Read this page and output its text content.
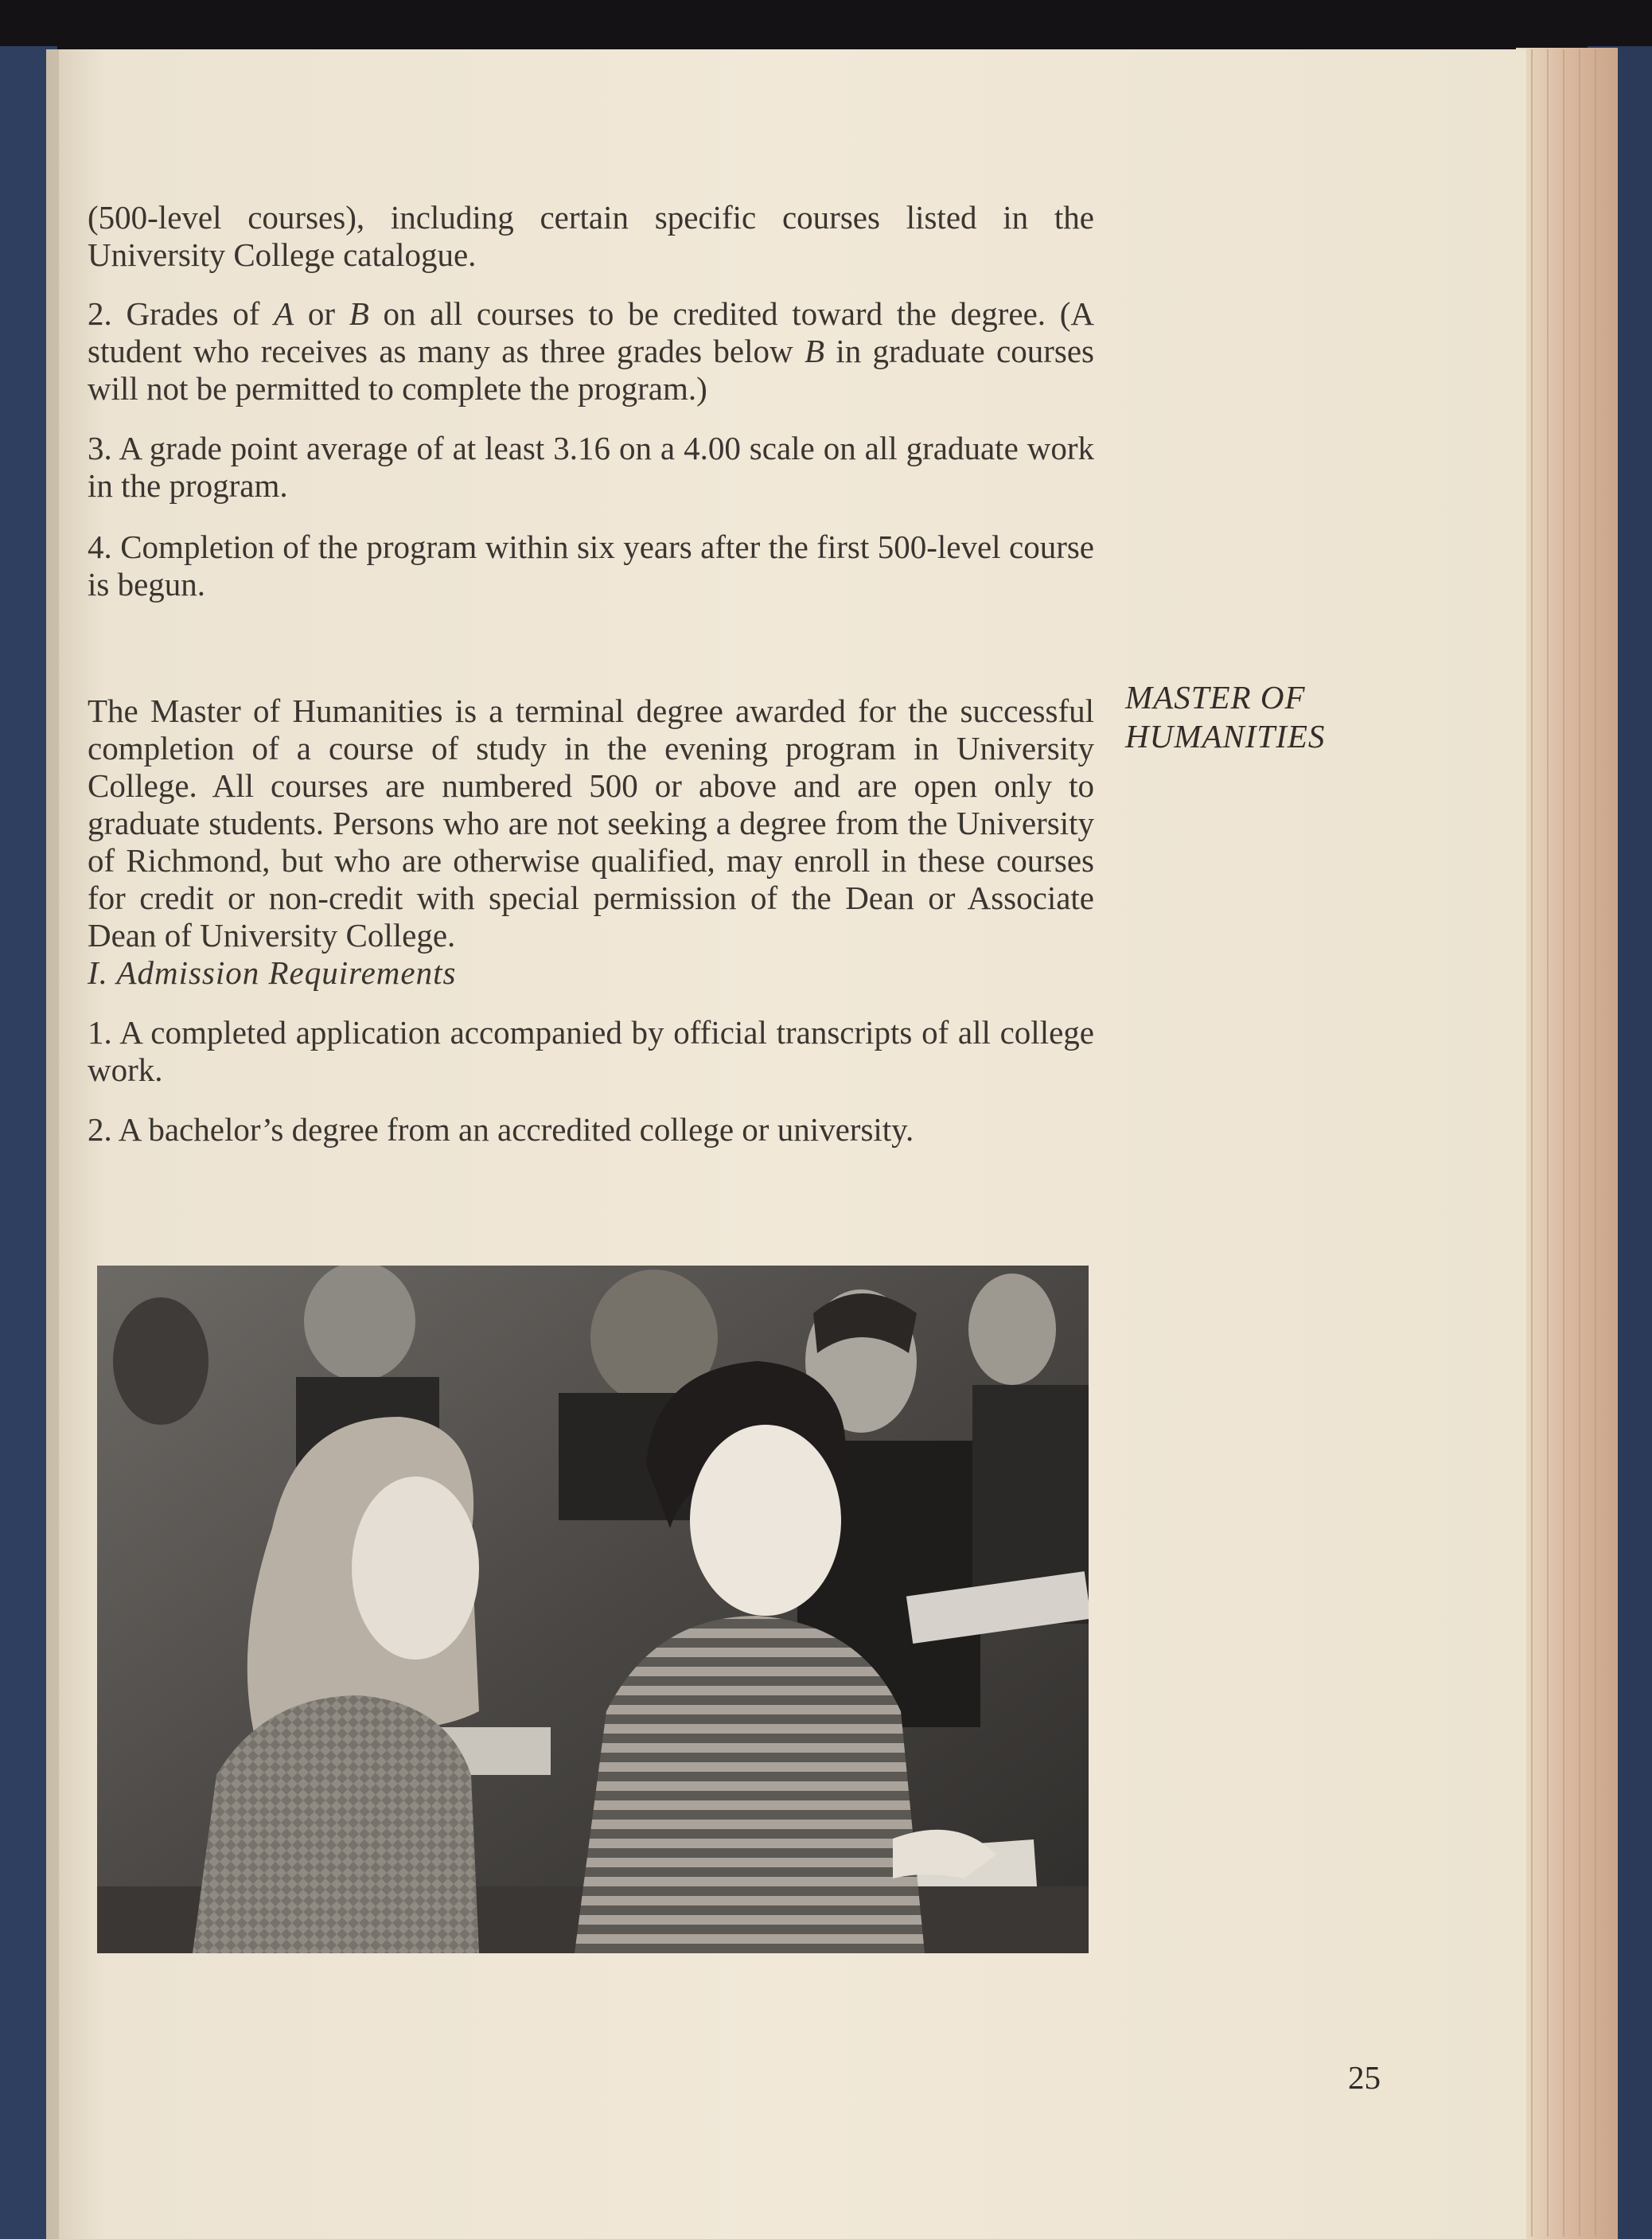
(500-level courses), including certain specific courses listed in the University College catalogue.

2. Grades of A or B on all courses to be credited toward the degree. (A student who receives as many as three grades below B in graduate courses will not be permitted to complete the program.)

3. A grade point average of at least 3.16 on a 4.00 scale on all graduate work in the program.

4. Completion of the program within six years after the first 500-level course is begun.

The Master of Humanities is a terminal degree awarded for the successful completion of a course of study in the evening program in University College. All courses are numbered 500 or above and are open only to graduate students. Persons who are not seeking a degree from the University of Richmond, but who are otherwise qualified, may enroll in these courses for credit or non-credit with special permission of the Dean or Associate Dean of University College.

I. Admission Requirements

1. A completed application accompanied by official transcripts of all college work.

2. A bachelor’s degree from an accredited college or university.

MASTER OF
HUMANITIES
25
